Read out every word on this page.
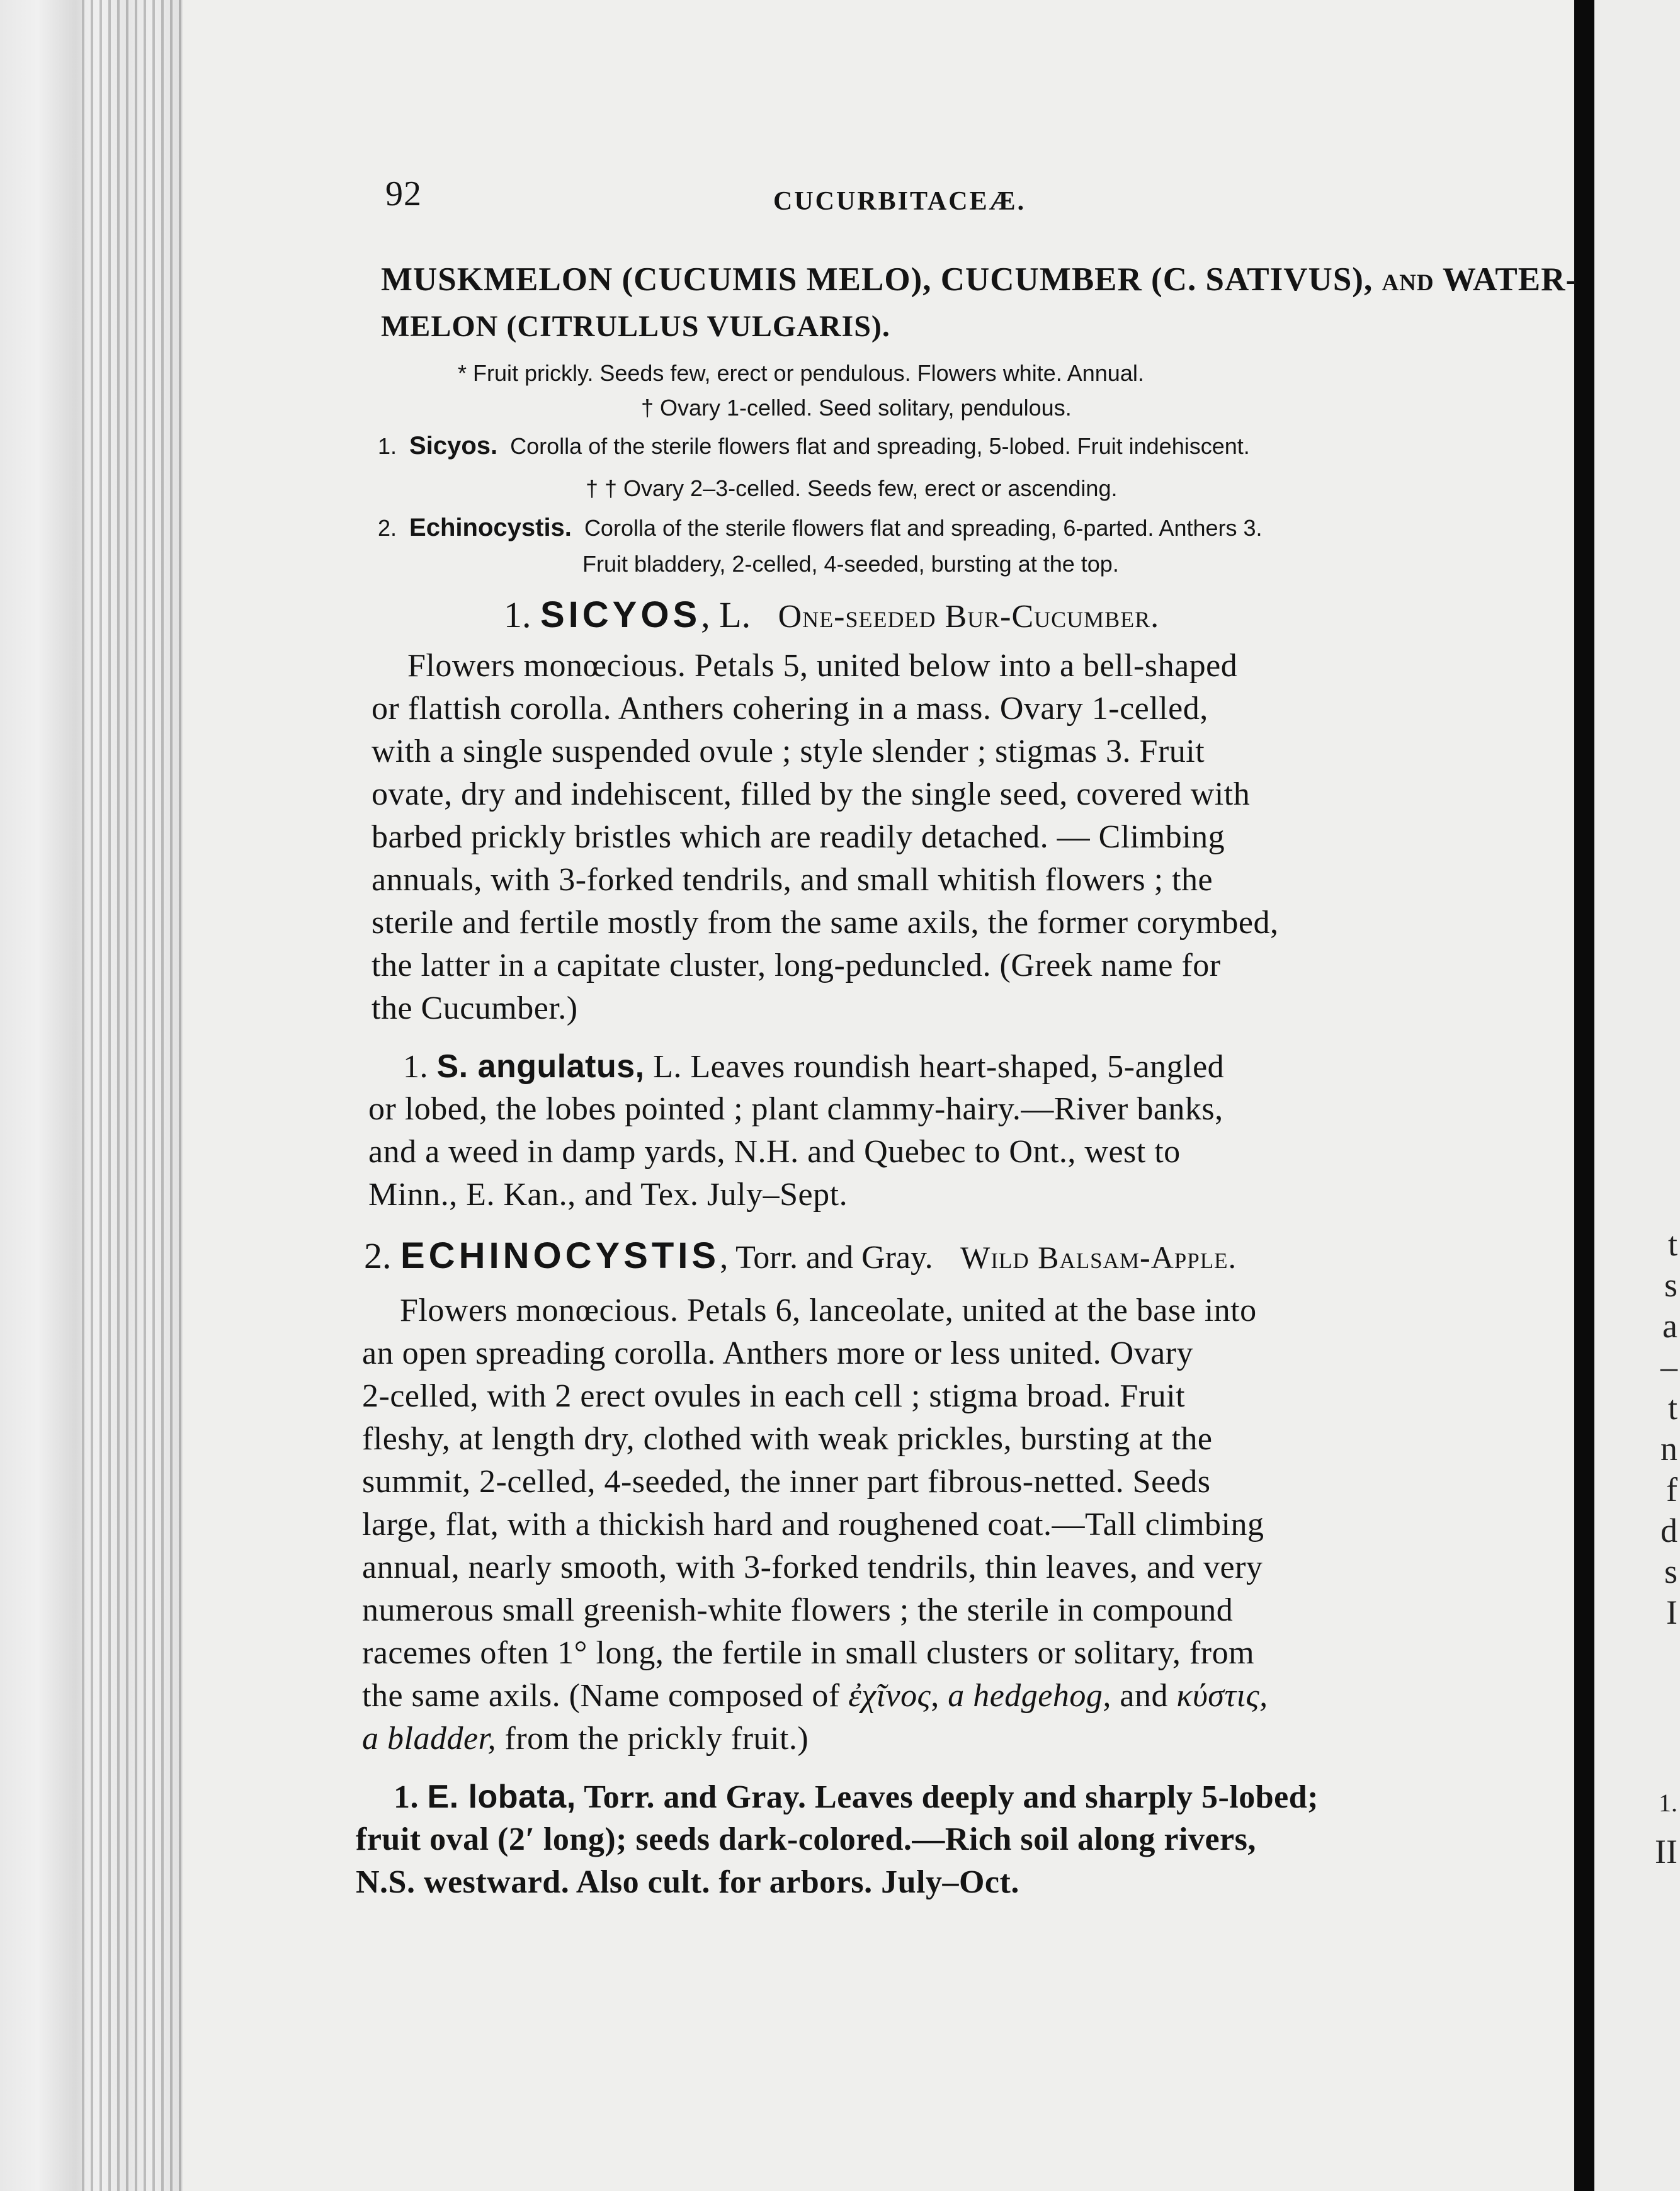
t
s
a
–
t
n
f
d
s
I
1.
II
92	CUCURBITACEÆ.
MUSKMELON (CUCUMIS MELO), CUCUMBER (C. SATIVUS), and WATER-
MELON (CITRULLUS VULGARIS).
* Fruit prickly. Seeds few, erect or pendulous. Flowers white. Annual.
† Ovary 1-celled. Seed solitary, pendulous.
1. Sicyos. Corolla of the sterile flowers flat and spreading, 5-lobed. Fruit indehiscent.
† † Ovary 2–3-celled. Seeds few, erect or ascending.
2. Echinocystis. Corolla of the sterile flowers flat and spreading, 6-parted. Anthers 3.
Fruit bladdery, 2-celled, 4-seeded, bursting at the top.
1. SICYOS, L. One-seeded Bur-Cucumber.
Flowers monœcious. Petals 5, united below into a bell-shaped
or flattish corolla. Anthers cohering in a mass. Ovary 1-celled,
with a single suspended ovule ; style slender ; stigmas 3. Fruit
ovate, dry and indehiscent, filled by the single seed, covered with
barbed prickly bristles which are readily detached. — Climbing
annuals, with 3-forked tendrils, and small whitish flowers ; the
sterile and fertile mostly from the same axils, the former corymbed,
the latter in a capitate cluster, long-peduncled. (Greek name for
the Cucumber.)
1. S. angulatus, L. Leaves roundish heart-shaped, 5-angled
or lobed, the lobes pointed ; plant clammy-hairy.—River banks,
and a weed in damp yards, N.H. and Quebec to Ont., west to
Minn., E. Kan., and Tex. July–Sept.
2. ECHINOCYSTIS, Torr. and Gray. Wild Balsam-Apple.
Flowers monœcious. Petals 6, lanceolate, united at the base into
an open spreading corolla. Anthers more or less united. Ovary
2-celled, with 2 erect ovules in each cell ; stigma broad. Fruit
fleshy, at length dry, clothed with weak prickles, bursting at the
summit, 2-celled, 4-seeded, the inner part fibrous-netted. Seeds
large, flat, with a thickish hard and roughened coat.—Tall climbing
annual, nearly smooth, with 3-forked tendrils, thin leaves, and very
numerous small greenish-white flowers ; the sterile in compound
racemes often 1° long, the fertile in small clusters or solitary, from
the same axils. (Name composed of ἐχῖνος, a hedgehog, and κύστις,
a bladder, from the prickly fruit.)
1. E. lobata, Torr. and Gray. Leaves deeply and sharply 5-lobed;
fruit oval (2′ long); seeds dark-colored.—Rich soil along rivers,
N.S. westward. Also cult. for arbors. July–Oct.
